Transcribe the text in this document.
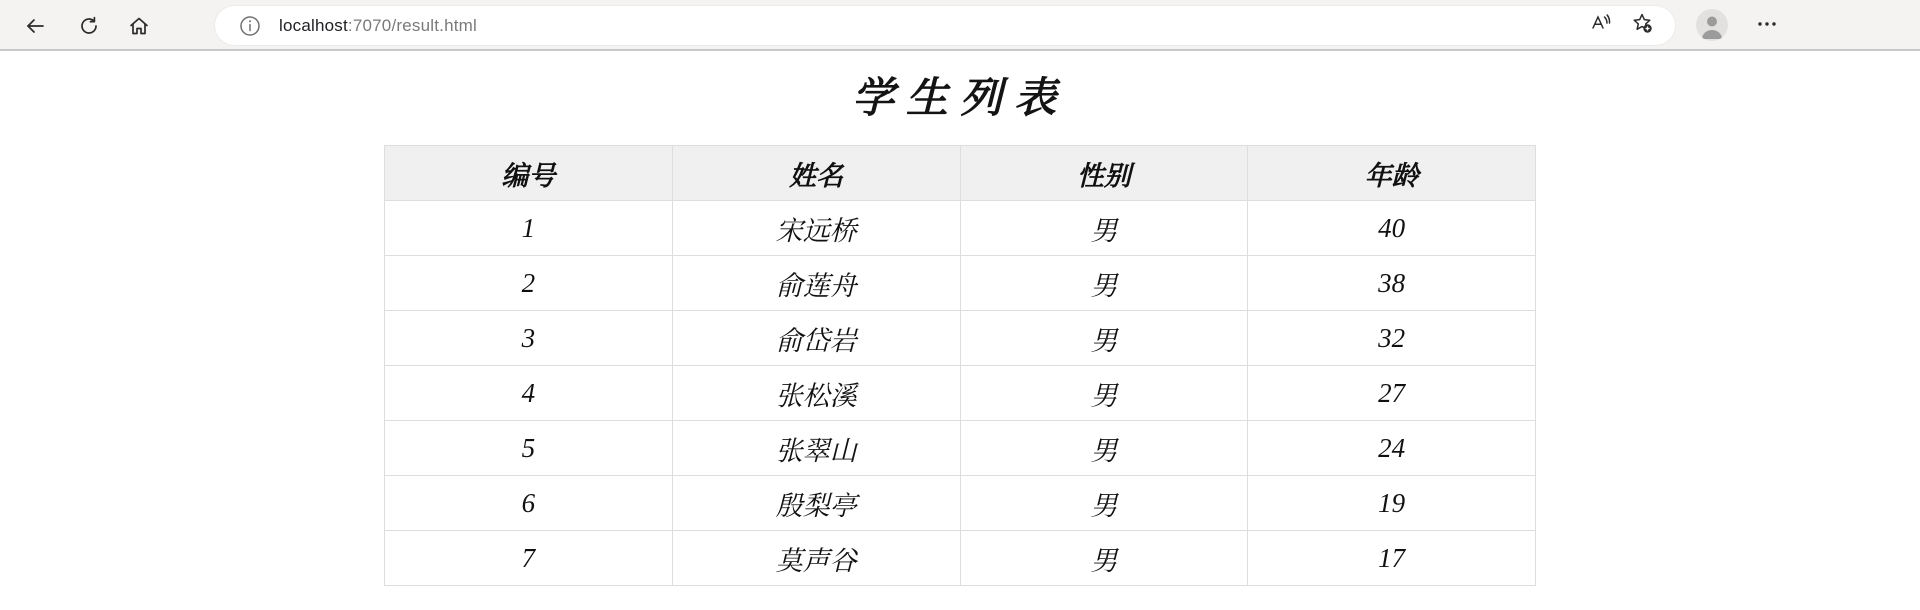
localhost:7070/result.html
学生列表
编号	姓名	性别	年龄
1	宋远桥	男	40
2	俞莲舟	男	38
3	俞岱岩	男	32
4	张松溪	男	27
5	张翠山	男	24
6	殷梨亭	男	19
7	莫声谷	男	17
